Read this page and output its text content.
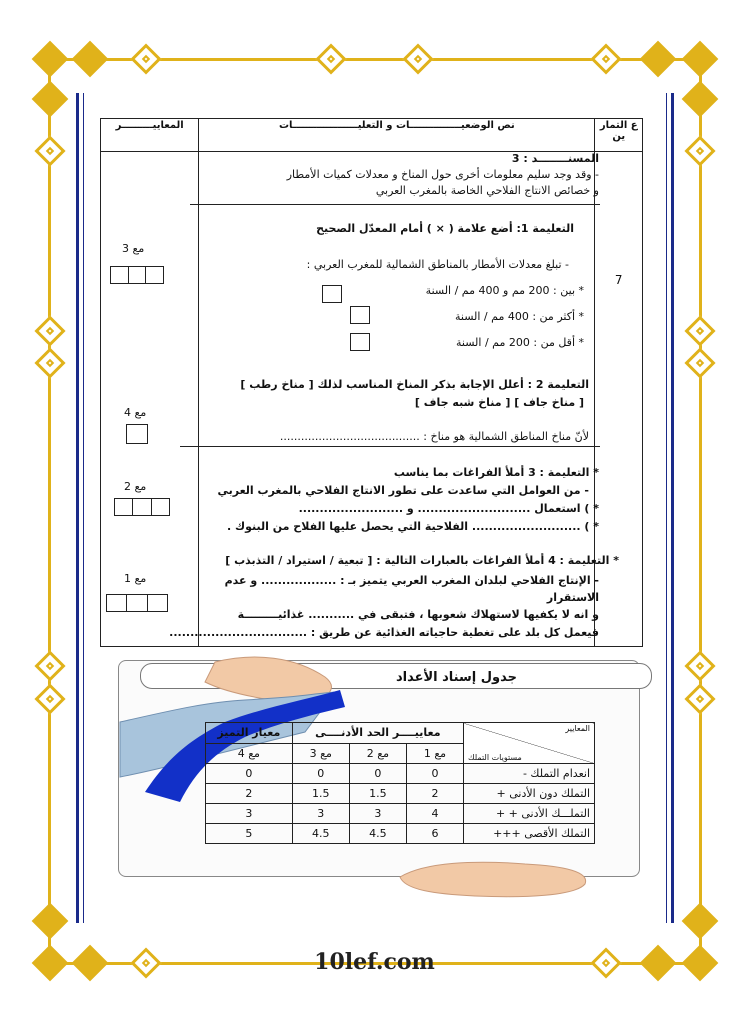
ع التمار ين	نص الوضعيـــــــــــــــات و التعليـــــــــــــــــــات	المعاييـــــــــر

7		

المسنــــــــد : 3
- وقد وجد سليم معلومات أخرى حول المناخ و معدلات كميات الأمطار
و خصائص الانتاج الفلاحي الخاصة بالمغرب العربي
التعليمة 1: أضع علامة ( × ) أمام المعدّل الصحيح
- تبلغ معدلات الأمطار بالمناطق الشمالية للمغرب العربي :
* بين : 200 مم و 400 مم / السنة
* أكثر من : 400 مم / السنة
* أقل من : 200 مم / السنة
مع 3
التعليمة 2 : أعلل الإجابة بذكر المناخ المناسب لذلك [ مناخ رطب ]
[ مناخ جاف ] [ مناخ شبه جاف ]
لأنّ مناخ المناطق الشمالية هو مناخ : ........................................
مع 4
* التعليمة : 3 أملأ الفراغات بما يناسب
- من العوامل التي ساعدت على تطور الانتاج الفلاحي بالمغرب العربي
* ) استعمال ........................... و .........................
* ) .......................... الفلاحية التي يحصل عليها الفلاح من البنوك .
مع 2
* التعليمة : 4 أملأ الفراغات بالعبارات التالية : [ تبعية / استيراد / التذبذب ]
- الإنتاج الفلاحي لبلدان المغرب العربي يتميز بـ : .................. و عدم
الاستقرار
و انه لا يكفيها لاستهلاك شعوبها ، فتبقى في ........... غذائيـــــــــة
فيعمل كل بلد على تغطية حاجياته الغذائية عن طريق : .................................
مع 1
جدول إسناد الأعداد
المعايير
مستويات التملك	معاييــــر الحد الأدنــــى			معيار التميز
	مع 1	مع 2	مع 3	مع 4
انعدام التملك -	0	0	0	0
التملك دون الأدنى +	2	1.5	1.5	2
التملـــك الأدنى + +	4	3	3	3
التملك الأقصى +++	6	4.5	4.5	5
10lef.com
